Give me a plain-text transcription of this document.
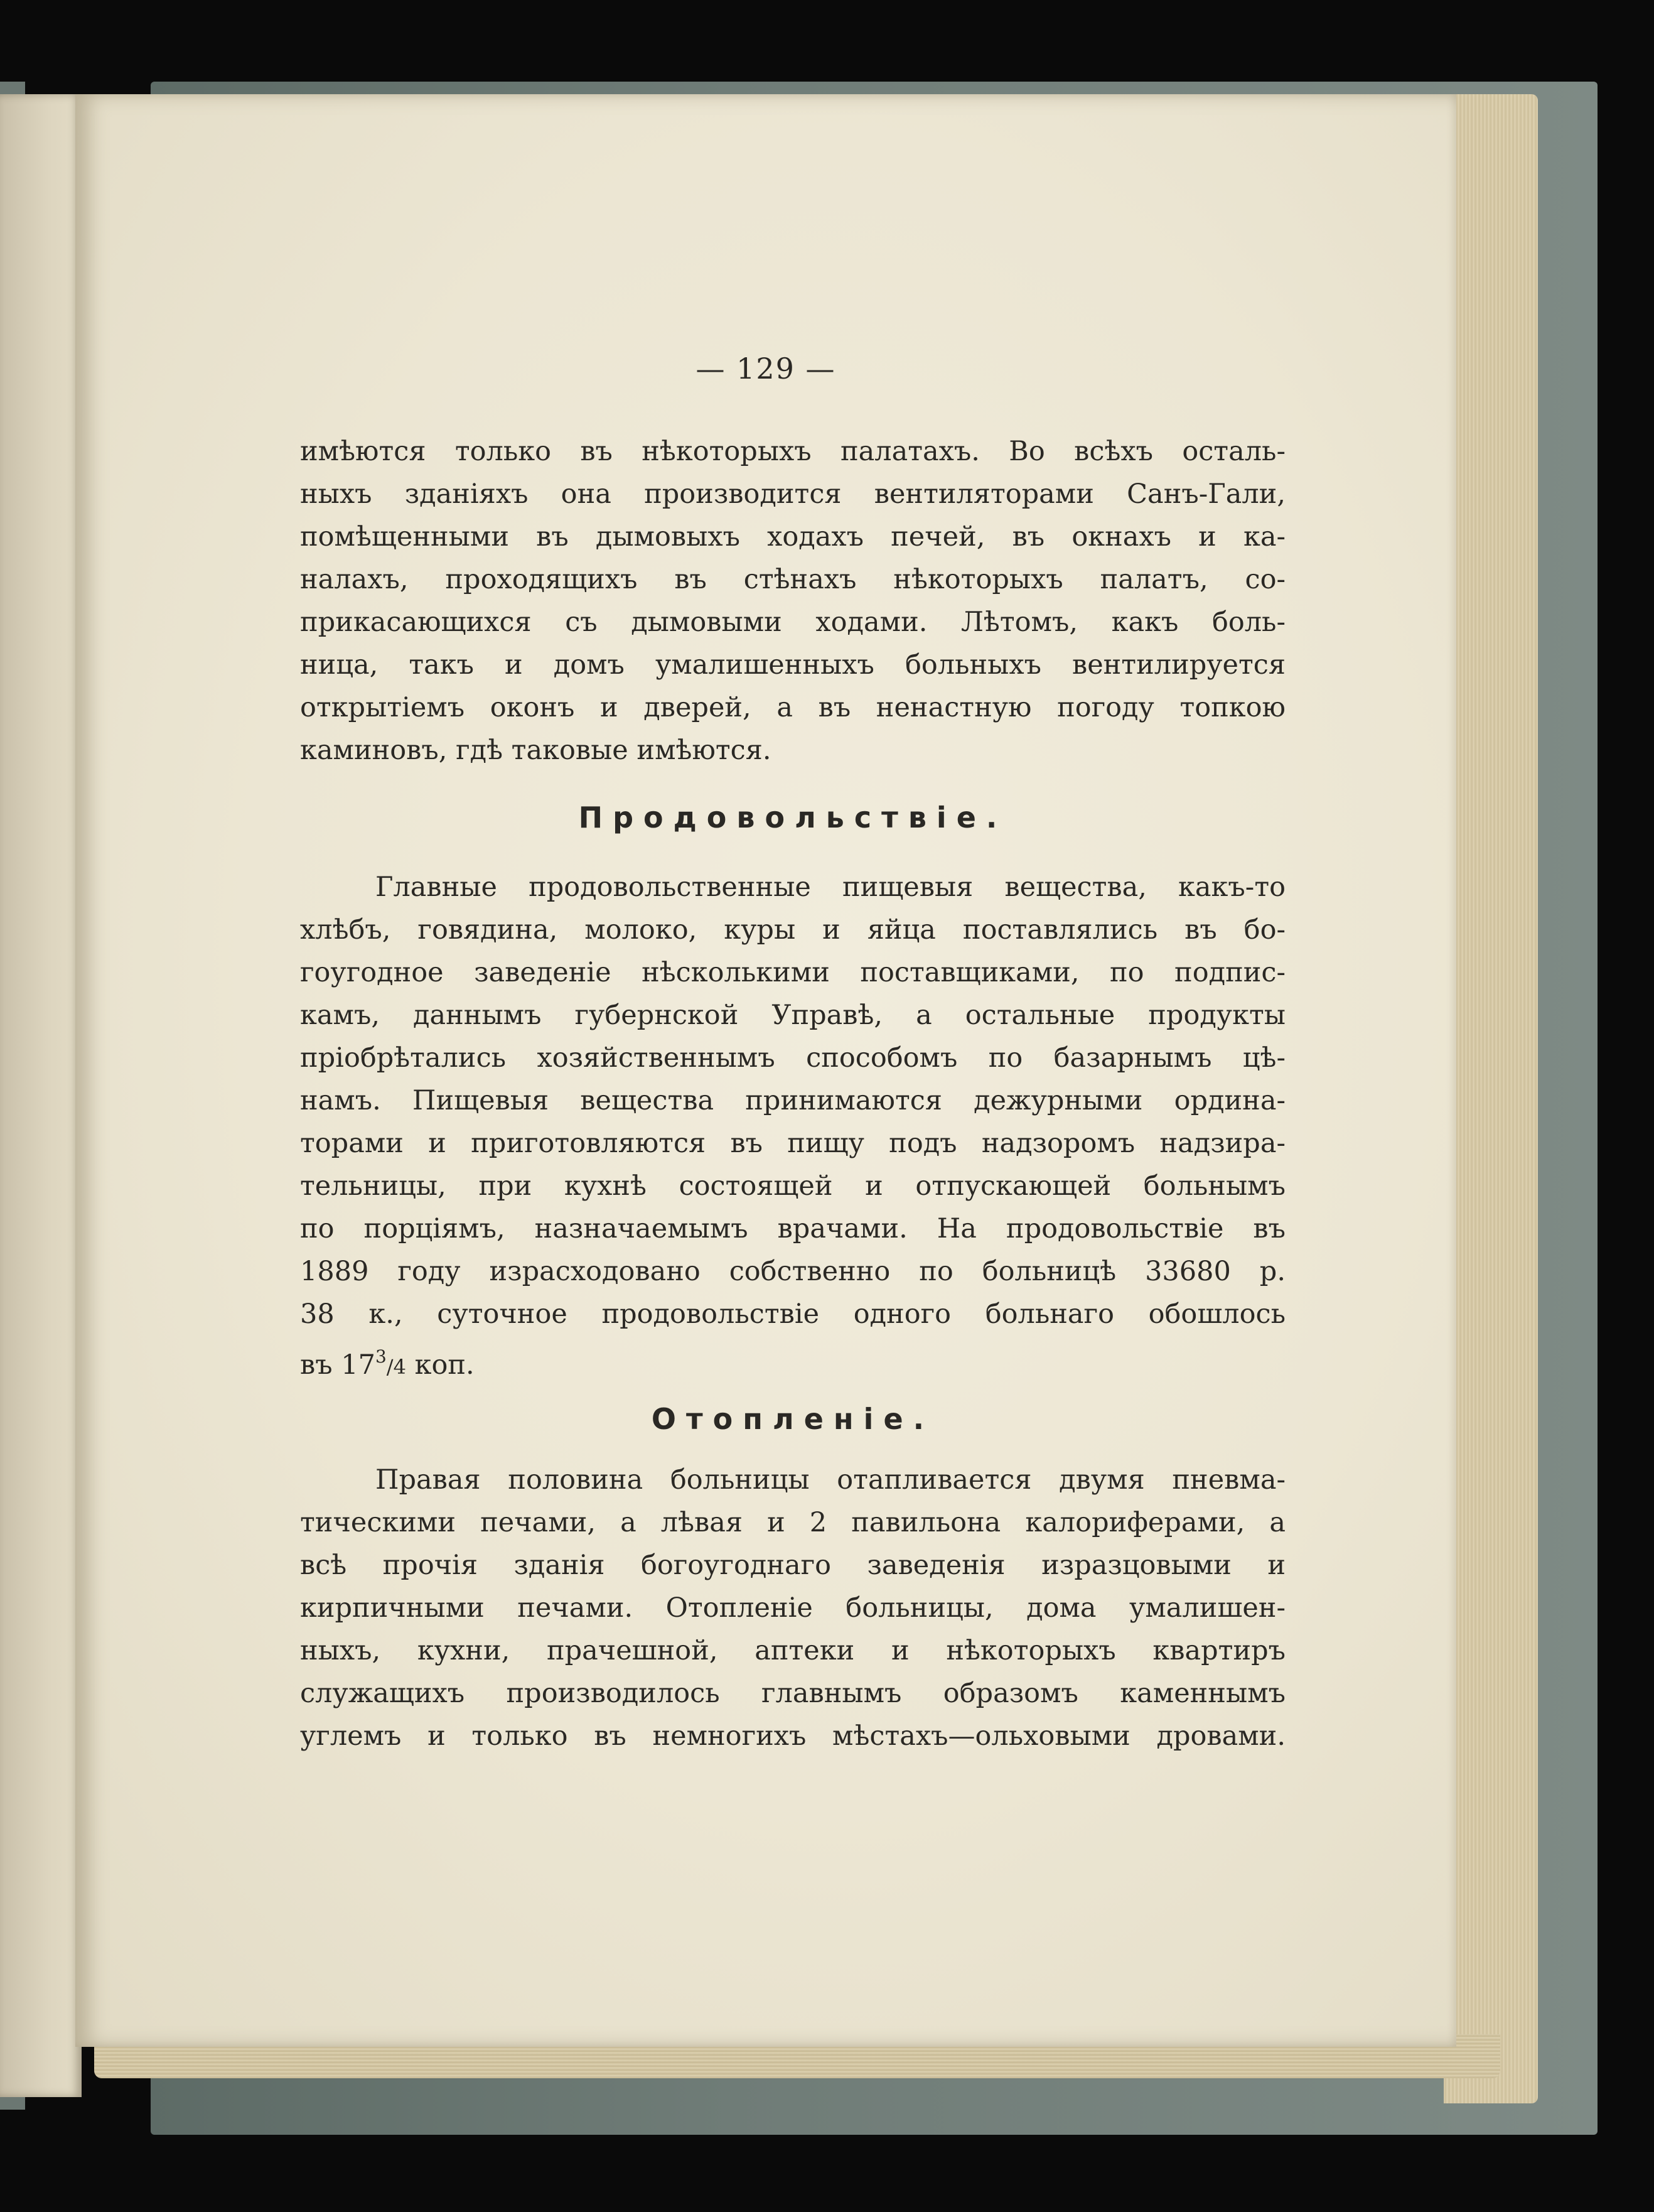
— 129 —
имѣются только въ нѣкоторыхъ палатахъ. Во всѣхъ осталь-
ныхъ зданіяхъ она производится вентиляторами Санъ-Гали,
помѣщенными въ дымовыхъ ходахъ печей, въ окнахъ и ка-
налахъ, проходящихъ въ стѣнахъ нѣкоторыхъ палатъ, со-
прикасающихся съ дымовыми ходами. Лѣтомъ, какъ боль-
ница, такъ и домъ умалишенныхъ больныхъ вентилируется
открытіемъ оконъ и дверей, а въ ненастную погоду топкою
каминовъ, гдѣ таковые имѣются.
Продовольствіе.
Главные продовольственные пищевыя вещества, какъ-то
хлѣбъ, говядина, молоко, куры и яйца поставлялись въ бо-
гоугодное заведеніе нѣсколькими поставщиками, по подпис-
камъ, даннымъ губернской Управѣ, а остальные продукты
пріобрѣтались хозяйственнымъ способомъ по базарнымъ цѣ-
намъ. Пищевыя вещества принимаются дежурными ордина-
торами и приготовляются въ пищу подъ надзоромъ надзира-
тельницы, при кухнѣ состоящей и отпускающей больнымъ
по порціямъ, назначаемымъ врачами. На продовольствіе въ
1889 году израсходовано собственно по больницѣ 33680 р.
38 к., суточное продовольствіе одного больнаго обошлось
въ $17^3/4$ коп.
Отопленіе.
Правая половина больницы отапливается двумя пневма-
тическими печами, а лѣвая и 2 павильона калориферами, а
всѣ прочія зданія богоугоднаго заведенія изразцовыми и
кирпичными печами. Отопленіе больницы, дома умалишен-
ныхъ, кухни, прачешной, аптеки и нѣкоторыхъ квартиръ
служащихъ производилось главнымъ образомъ каменнымъ
углемъ и только въ немногихъ мѣстахъ—ольховыми дровами.
